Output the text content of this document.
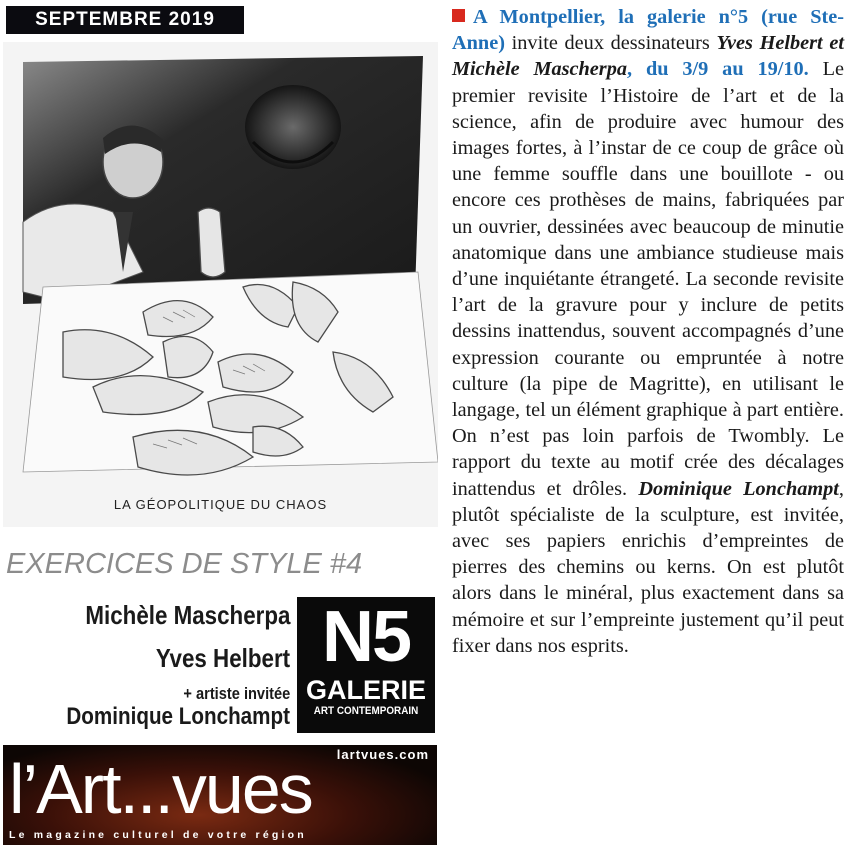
SEPTEMBRE 2019
LA GÉOPOLITIQUE DU CHAOS
EXERCICES DE STYLE #4
Michèle Mascherpa
Yves Helbert
+ artiste invitée
Dominique Lonchampt
N5
GALERIE
ART CONTEMPORAIN
lartvues.com
l’Art...vues
Le magazine culturel de votre région
A Montpellier, la galerie n°5 (rue Ste-Anne) invite deux dessinateurs Yves Helbert et Michèle Mascherpa, du 3/9 au 19/10. Le premier revisite l’Histoire de l’art et de la science, afin de produire avec humour des images fortes, à l’instar de ce coup de grâce où une femme souffle dans une bouillote - ou encore ces prothèses de mains, fabriquées par un ouvrier, dessinées avec beaucoup de minutie anatomique dans une ambiance studieuse mais d’une inquiétante étrangeté. La seconde revisite l’art de la gravure pour y inclure de petits dessins inattendus, souvent accompagnés d’une expression courante ou empruntée à notre culture (la pipe de Magritte), en utilisant le langage, tel un élément graphique à part entière. On n’est pas loin parfois de Twombly. Le rapport du texte au motif crée des décalages inattendus et drôles. Dominique Lonchampt, plutôt spécialiste de la sculpture, est invitée, avec ses papiers enrichis d’empreintes de pierres des chemins ou kerns. On est plutôt alors dans le minéral, plus exactement dans sa mémoire et sur l’empreinte justement qu’il peut fixer dans nos esprits.
